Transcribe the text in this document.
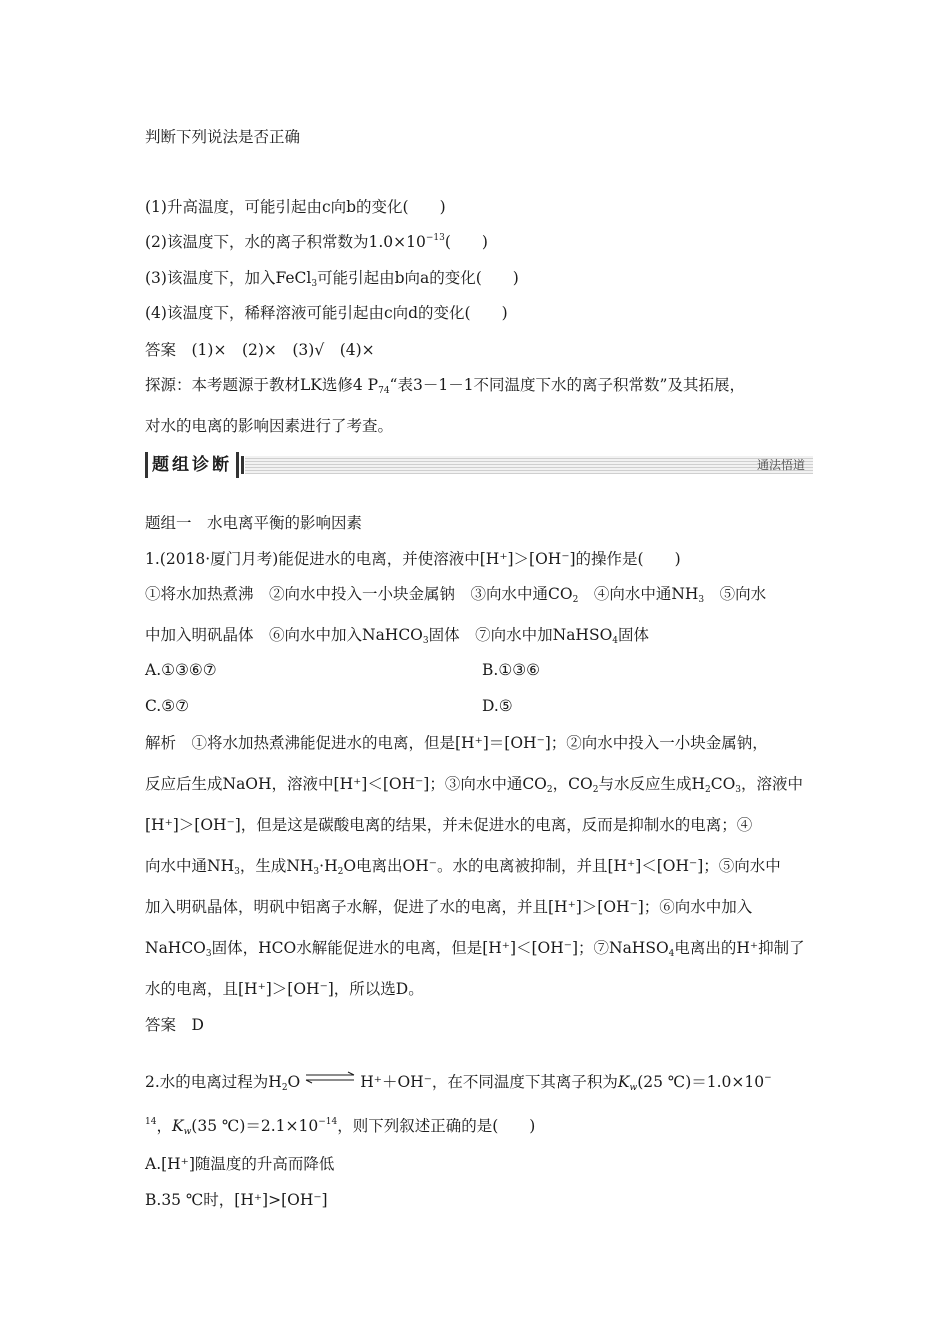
判断下列说法是否正确
(1)升高温度，可能引起由c向b的变化(　　)
(2)该温度下，水的离子积常数为$1.0\times 10^{-13}$(　　)
(3)该温度下，加入FeCl$_3$可能引起由b向a的变化(　　)
(4)该温度下，稀释溶液可能引起由c向d的变化(　　)
答案　(1)×　(2)×　(3)√　(4)×
探源：本考题源于教材LK选修4 $P_{74}“$表3－1－1不同温度下水的离子积常数”及其拓展，
对水的电离的影响因素进行了考查。
题组诊断	通法悟道
题组一　水电离平衡的影响因素
1.(2018·厦门月考)能促进水的电离，并使溶液中[H⁺]＞[OH⁻]的操作是(　　)
①将水加热煮沸　②向水中投入一小块金属钠　③向水中通$CO_2$　④向水中通$NH_3$　⑤向水
中加入明矾晶体　⑥向水中加入NaHCO$_3$固体　⑦向水中加NaHSO$_4$固体
A.①③⑥⑦	B.①③⑥
C.⑤⑦	D.⑤
解析　①将水加热煮沸能促进水的电离，但是[H⁺]＝[OH⁻]；②向水中投入一小块金属钠，
反应后生成NaOH，溶液中[H⁺]＜[OH⁻]；③向水中通$CO_2$，$CO_2$与水反应生成$H_2CO_3$，溶液中
[H⁺]＞[OH⁻]，但是这是碳酸电离的结果，并未促进水的电离，反而是抑制水的电离；④
向水中通$NH_3$，生成$NH_3\cdot H_2O$电离出OH⁻。水的电离被抑制，并且[H⁺]＜[OH⁻]；⑤向水中
加入明矾晶体，明矾中铝离子水解，促进了水的电离，并且[H⁺]＞[OH⁻]；⑥向水中加入
NaHCO$_3$固体，HCO水解能促进水的电离，但是[H⁺]＜[OH⁻]；⑦NaHSO$_4$电离出的H⁺抑制了
水的电离，且[H⁺]＞[OH⁻]，所以选D。
答案　D
2.水的电离过程为$H_2O$ ⇌ H⁺＋OH⁻，在不同温度下其离子积为$K_w(25$ ℃)＝1.0×10−
$^{14}$，$K_w(35$ $℃)=2.1\times 10^{-14}$，则下列叙述正确的是(　　)
A.[H⁺]随温度的升高而降低
B.35 ℃时，[H⁺]>[OH⁻]
